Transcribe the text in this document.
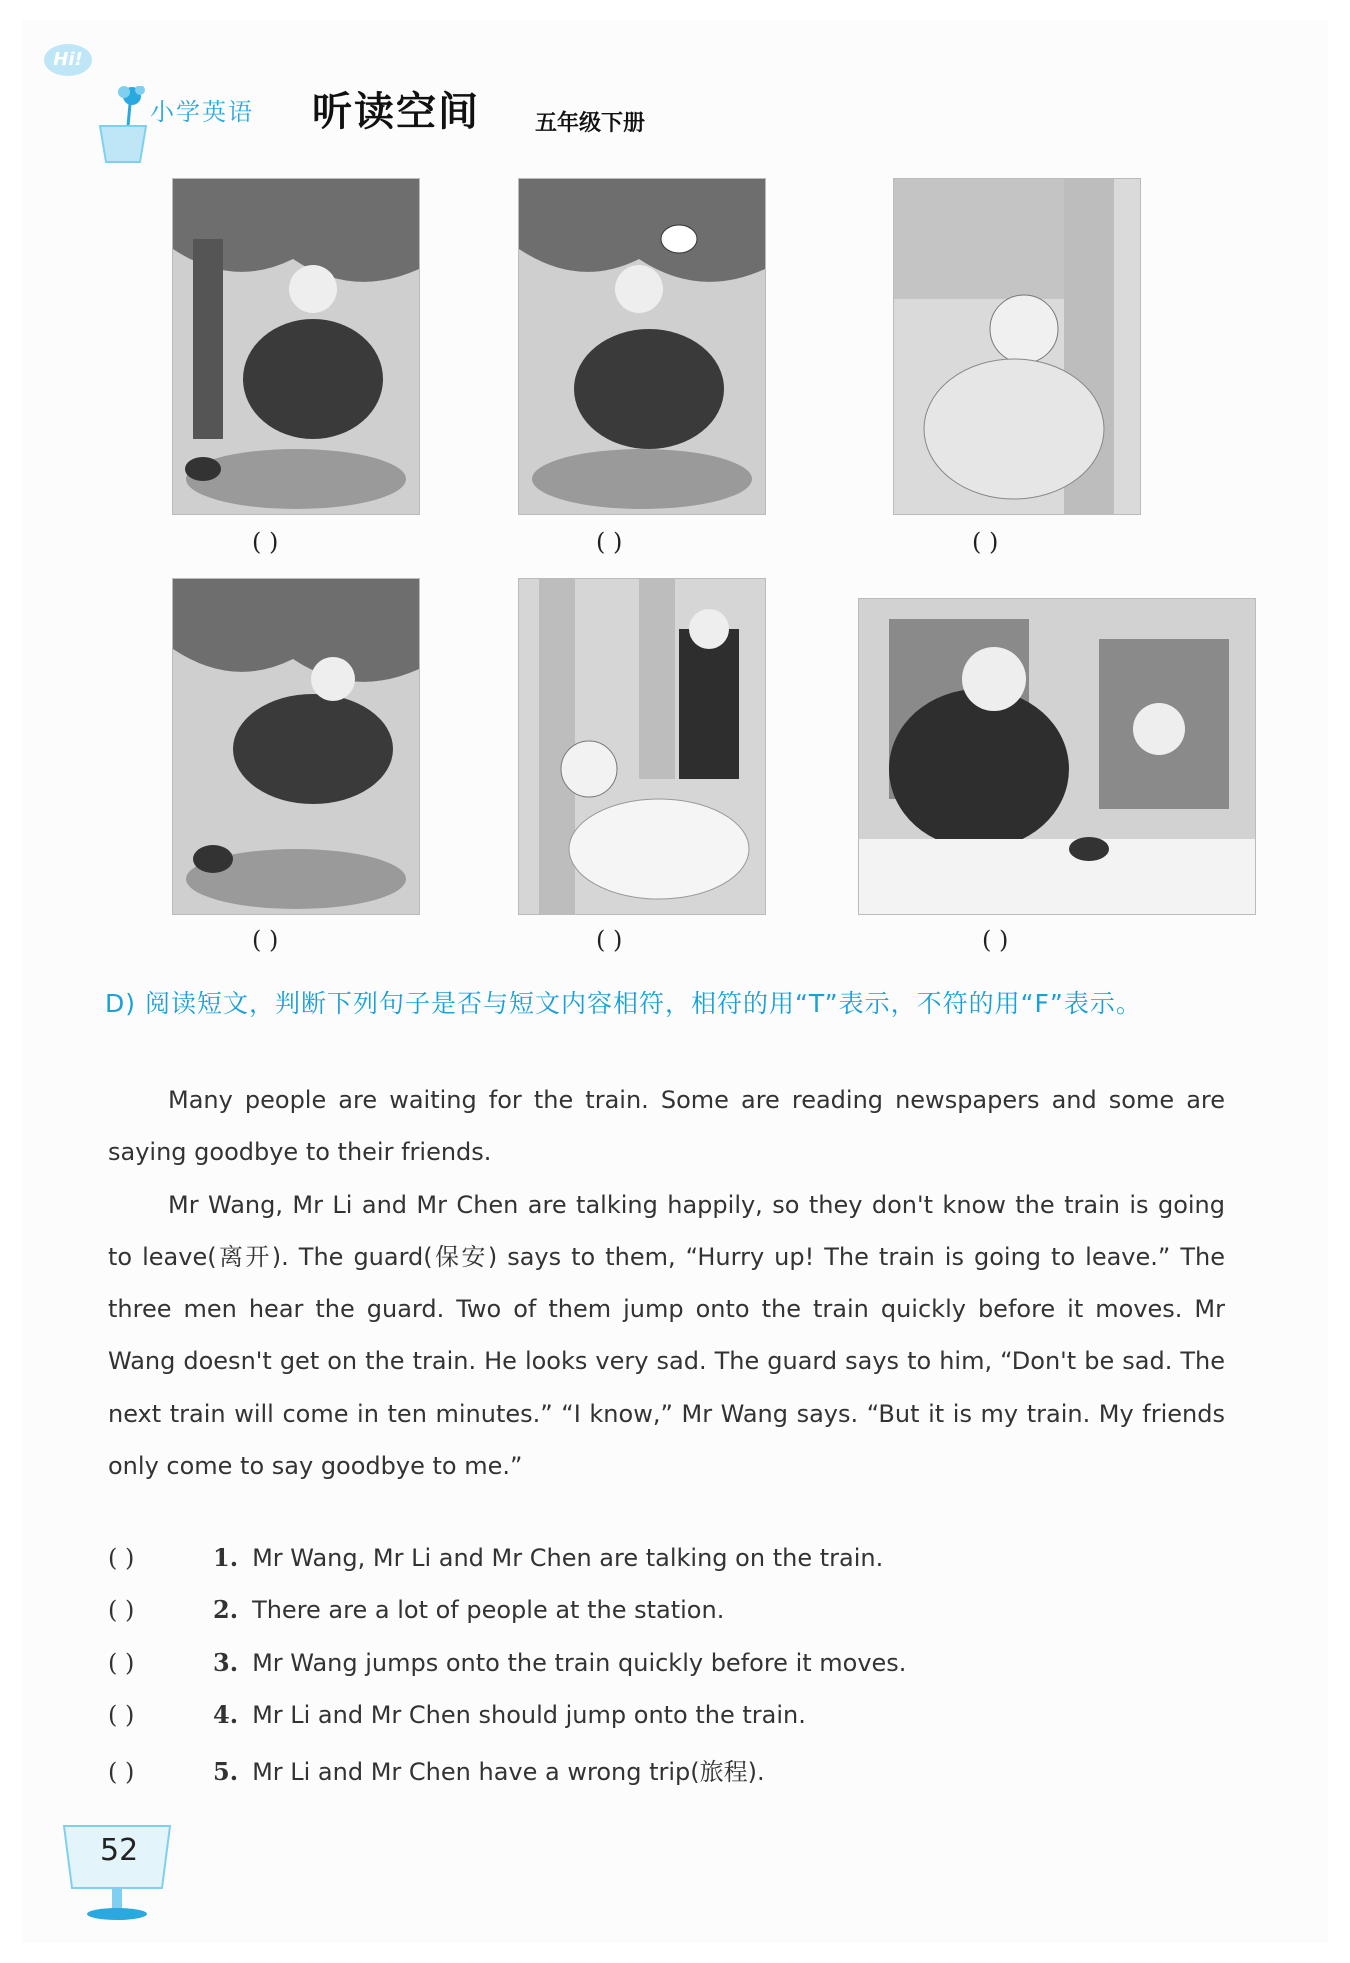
Hi!
小学英语 听读空间	五年级下册
( )	( )	( )
( )	( )	( )
D) 阅读短文，判断下列句子是否与短文内容相符，相符的用“T”表示，不符的用“F”表示。

Many people are waiting for the train. Some are reading newspapers and some are saying goodbye to their friends.

Mr Wang, Mr Li and Mr Chen are talking happily, so they don't know the train is going to leave(离开). The guard(保安) says to them, “Hurry up! The train is going to leave.” The three men hear the guard. Two of them jump onto the train quickly before it moves. Mr Wang doesn't get on the train. He looks very sad. The guard says to him, “Don't be sad. The next train will come in ten minutes.” “I know,” Mr Wang says. “But it is my train. My friends only come to say goodbye to me.”

( )	1. Mr Wang, Mr Li and Mr Chen are talking on the train.
( )	2. There are a lot of people at the station.
( )	3. Mr Wang jumps onto the train quickly before it moves.
( )	4. Mr Li and Mr Chen should jump onto the train.
( )	5. Mr Li and Mr Chen have a wrong trip(旅程).
52
